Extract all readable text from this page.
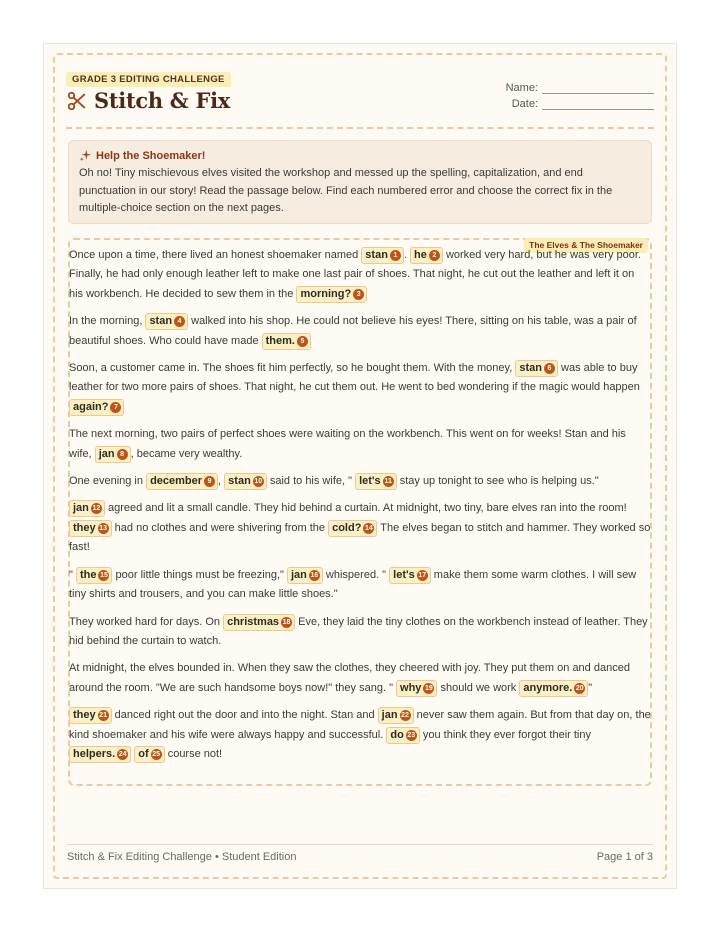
GRADE 3 EDITING CHALLENGE
Stitch & Fix	Name:
Date:
Help the Shoemaker!

Oh no! Tiny mischievous elves visited the workshop and messed up the spelling, capitalization, and end punctuation in our story! Read the passage below. Find each numbered error and choose the correct fix in the multiple-choice section on the next pages.

The Elves & The Shoemaker

Once upon a time, there lived an honest shoemaker named stan 1 . he 2 worked very hard, but he was very poor. Finally, he had only enough leather left to make one last pair of shoes. That night, he cut out the leather and left it on his workbench. He decided to sew them in the morning? 3

In the morning, stan 4 walked into his shop. He could not believe his eyes! There, sitting on his table, was a pair of beautiful shoes. Who could have made them. 5

Soon, a customer came in. The shoes fit him perfectly, so he bought them. With the money, stan 6 was able to buy leather for two more pairs of shoes. That night, he cut them out. He went to bed wondering if the magic would happen again? 7

The next morning, two pairs of perfect shoes were waiting on the workbench. This went on for weeks! Stan and his wife, jan 8 , became very wealthy.

One evening in december 9 , stan 10 said to his wife, " let's 11 stay up tonight to see who is helping us."

jan 12 agreed and lit a small candle. They hid behind a curtain. At midnight, two tiny, bare elves ran into the room! they 13 had no clothes and were shivering from the cold? 14 The elves began to stitch and hammer. They worked so fast!

" the 15 poor little things must be freezing," jan 16 whispered. " let's 17 make them some warm clothes. I will sew tiny shirts and trousers, and you can make little shoes."

They worked hard for days. On christmas 18 Eve, they laid the tiny clothes on the workbench instead of leather. They hid behind the curtain to watch.

At midnight, the elves bounded in. When they saw the clothes, they cheered with joy. They put them on and danced around the room. "We are such handsome boys now!" they sang. " why 19 should we work anymore. 20 "

they 21 danced right out the door and into the night. Stan and jan 22 never saw them again. But from that day on, the kind shoemaker and his wife were always happy and successful. do 23 you think they ever forgot their tiny helpers. 24 of 25 course not!

Stitch & Fix Editing Challenge • Student Edition	Page 1 of 3
